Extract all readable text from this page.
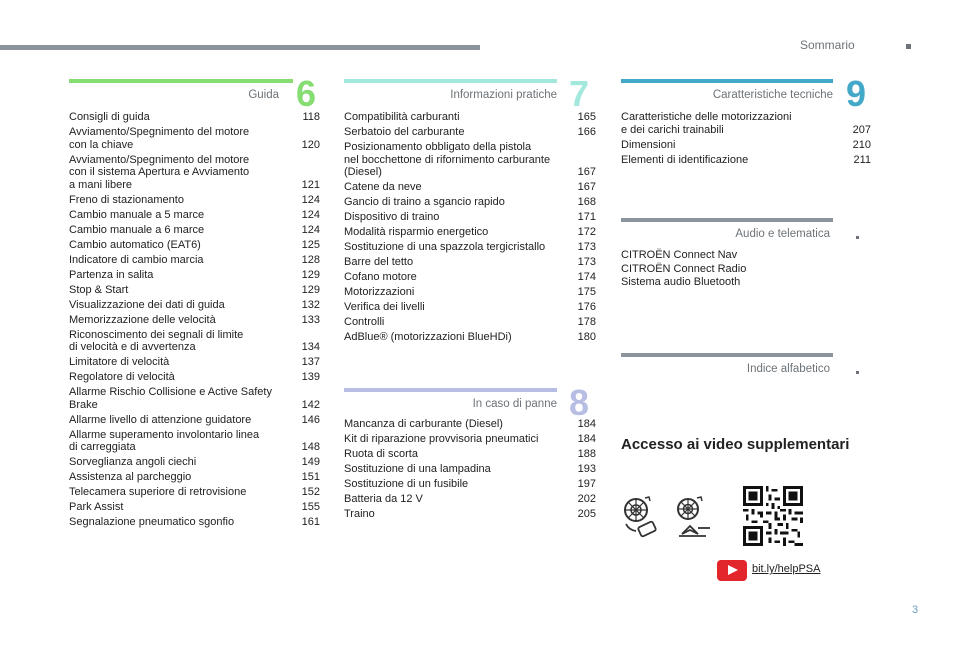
Sommario
Guida 6
Consigli di guida	118
Avviamento/Spegnimento del motore
con la chiave	120
Avviamento/Spegnimento del motore
con il sistema Apertura e Avviamento
a mani libere	121
Freno di stazionamento	124
Cambio manuale a 5 marce	124
Cambio manuale a 6 marce	124
Cambio automatico (EAT6)	125
Indicatore di cambio marcia	128
Partenza in salita	129
Stop & Start	129
Visualizzazione dei dati di guida	132
Memorizzazione delle velocità	133
Riconoscimento dei segnali di limite
di velocità e di avvertenza	134
Limitatore di velocità	137
Regolatore di velocità	139
Allarme Rischio Collisione e Active Safety
Brake	142
Allarme livello di attenzione guidatore	146
Allarme superamento involontario linea
di carreggiata	148
Sorveglianza angoli ciechi	149
Assistenza al parcheggio	151
Telecamera superiore di retrovisione	152
Park Assist	155
Segnalazione pneumatico sgonfio	161
Informazioni pratiche 7
Compatibilità carburanti	165
Serbatoio del carburante	166
Posizionamento obbligato della pistola
nel bocchettone di rifornimento carburante
(Diesel)	167
Catene da neve	167
Gancio di traino a sgancio rapido	168
Dispositivo di traino	171
Modalità risparmio energetico	172
Sostituzione di una spazzola tergicristallo	173
Barre del tetto	173
Cofano motore	174
Motorizzazioni	175
Verifica dei livelli	176
Controlli	178
AdBlue® (motorizzazioni BlueHDi)	180
In caso di panne 8
Mancanza di carburante (Diesel)	184
Kit di riparazione provvisoria pneumatici	184
Ruota di scorta	188
Sostituzione di una lampadina	193
Sostituzione di un fusibile	197
Batteria da 12 V	202
Traino	205
Caratteristiche tecniche 9
Caratteristiche delle motorizzazioni
e dei carichi trainabili	207
Dimensioni	210
Elementi di identificazione	211
Audio e telematica
CITROËN Connect Nav
CITROËN Connect Radio
Sistema audio Bluetooth
Indice alfabetico
Accesso ai video supplementari
bit.ly/helpPSA
3
